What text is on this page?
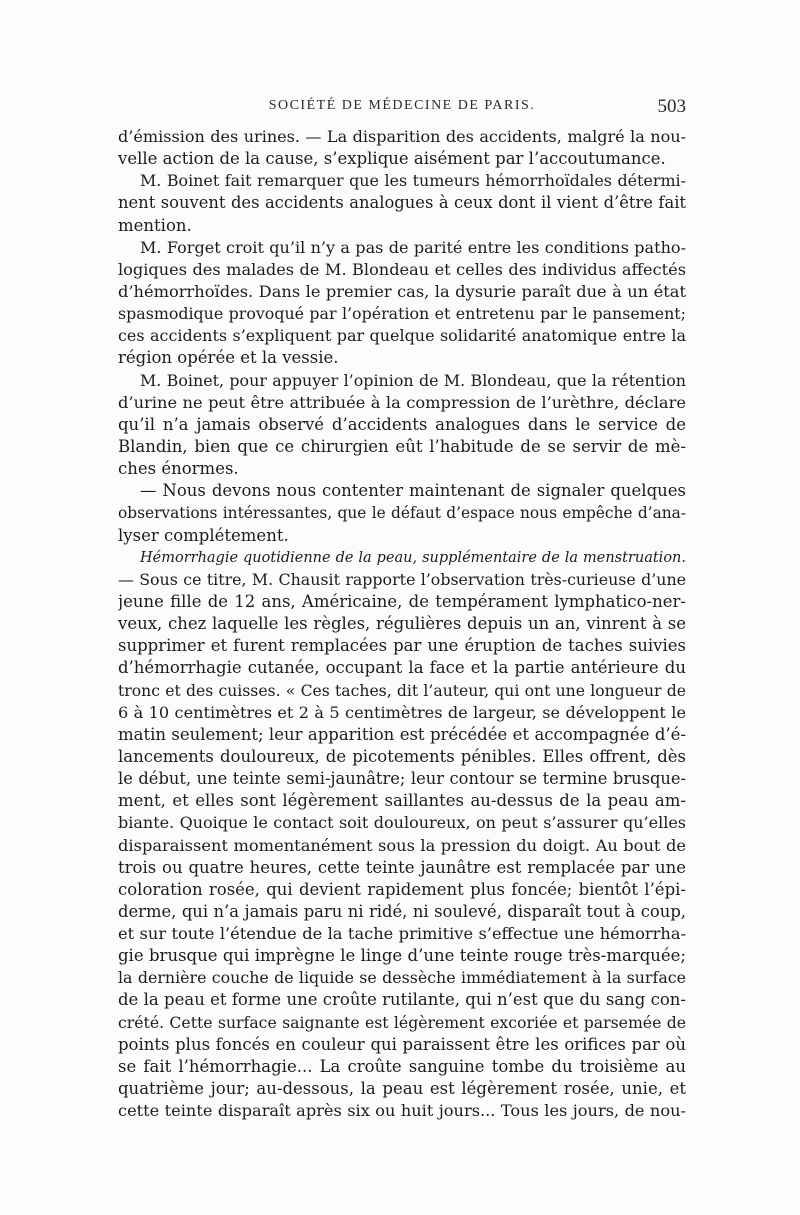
SOCIÉTÉ DE MÉDECINE DE PARIS.	503
d’émission des urines. — La disparition des accidents, malgré la nou-
velle action de la cause, s’explique aisément par l’accoutumance.
M. Boinet fait remarquer que les tumeurs hémorrhoïdales détermi-
nent souvent des accidents analogues à ceux dont il vient d’être fait
mention.
M. Forget croit qu’il n’y a pas de parité entre les conditions patho-
logiques des malades de M. Blondeau et celles des individus affectés
d’hémorrhoïdes. Dans le premier cas, la dysurie paraît due à un état
spasmodique provoqué par l’opération et entretenu par le pansement;
ces accidents s’expliquent par quelque solidarité anatomique entre la
région opérée et la vessie.
M. Boinet, pour appuyer l’opinion de M. Blondeau, que la rétention
d’urine ne peut être attribuée à la compression de l’urèthre, déclare
qu’il n’a jamais observé d’accidents analogues dans le service de
Blandin, bien que ce chirurgien eût l’habitude de se servir de mè-
ches énormes.
— Nous devons nous contenter maintenant de signaler quelques
observations intéressantes, que le défaut d’espace nous empêche d’ana-
lyser complétement.
Hémorrhagie quotidienne de la peau, supplémentaire de la menstruation.
— Sous ce titre, M. Chausit rapporte l’observation très-curieuse d’une
jeune fille de 12 ans, Américaine, de tempérament lymphatico-ner-
veux, chez laquelle les règles, régulières depuis un an, vinrent à se
supprimer et furent remplacées par une éruption de taches suivies
d’hémorrhagie cutanée, occupant la face et la partie antérieure du
tronc et des cuisses. « Ces taches, dit l’auteur, qui ont une longueur de
6 à 10 centimètres et 2 à 5 centimètres de largeur, se développent le
matin seulement; leur apparition est précédée et accompagnée d’é-
lancements douloureux, de picotements pénibles. Elles offrent, dès
le début, une teinte semi-jaunâtre; leur contour se termine brusque-
ment, et elles sont légèrement saillantes au-dessus de la peau am-
biante. Quoique le contact soit douloureux, on peut s’assurer qu’elles
disparaissent momentanément sous la pression du doigt. Au bout de
trois ou quatre heures, cette teinte jaunâtre est remplacée par une
coloration rosée, qui devient rapidement plus foncée; bientôt l’épi-
derme, qui n’a jamais paru ni ridé, ni soulevé, disparaît tout à coup,
et sur toute l’étendue de la tache primitive s’effectue une hémorrha-
gie brusque qui imprègne le linge d’une teinte rouge très-marquée;
la dernière couche de liquide se dessèche immédiatement à la surface
de la peau et forme une croûte rutilante, qui n’est que du sang con-
crété. Cette surface saignante est légèrement excoriée et parsemée de
points plus foncés en couleur qui paraissent être les orifices par où
se fait l’hémorrhagie... La croûte sanguine tombe du troisième au
quatrième jour; au-dessous, la peau est légèrement rosée, unie, et
cette teinte disparaît après six ou huit jours... Tous les jours, de nou-
